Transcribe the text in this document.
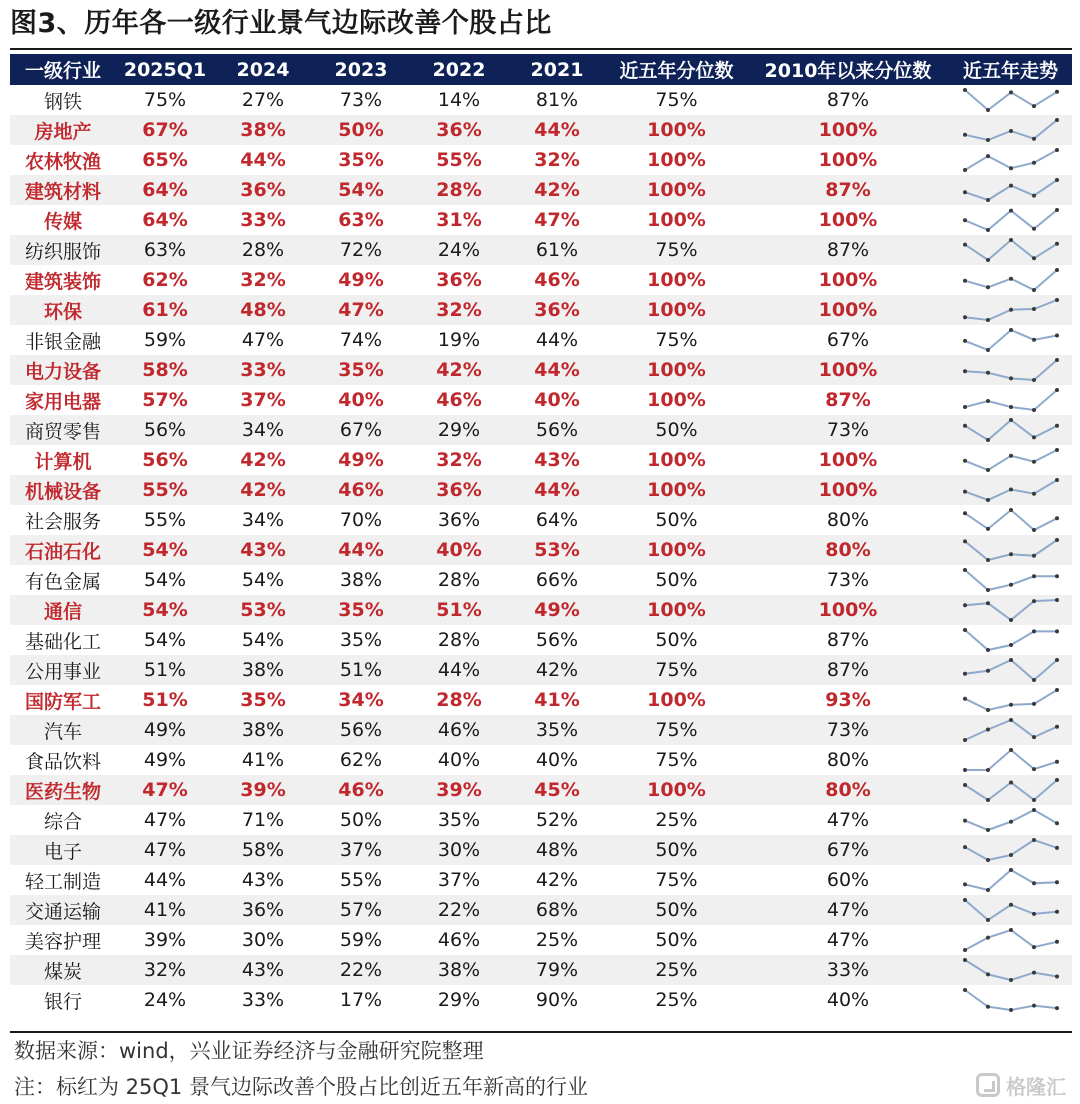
图3、历年各一级行业景气边际改善个股占比
一级行业	2025Q1	2024	2023	2022	2021	近五年分位数	2010年以来分位数	近五年走势
钢铁	75%	27%	73%	14%	81%	75%	87%	

房地产	67%	38%	50%	36%	44%	100%	100%	

农林牧渔	65%	44%	35%	55%	32%	100%	100%	

建筑材料	64%	36%	54%	28%	42%	100%	87%	

传媒	64%	33%	63%	31%	47%	100%	100%	

纺织服饰	63%	28%	72%	24%	61%	75%	87%	

建筑装饰	62%	32%	49%	36%	46%	100%	100%	

环保	61%	48%	47%	32%	36%	100%	100%	

非银金融	59%	47%	74%	19%	44%	75%	67%	

电力设备	58%	33%	35%	42%	44%	100%	100%	

家用电器	57%	37%	40%	46%	40%	100%	87%	

商贸零售	56%	34%	67%	29%	56%	50%	73%	

计算机	56%	42%	49%	32%	43%	100%	100%	

机械设备	55%	42%	46%	36%	44%	100%	100%	

社会服务	55%	34%	70%	36%	64%	50%	80%	

石油石化	54%	43%	44%	40%	53%	100%	80%	

有色金属	54%	54%	38%	28%	66%	50%	73%	

通信	54%	53%	35%	51%	49%	100%	100%	

基础化工	54%	54%	35%	28%	56%	50%	87%	

公用事业	51%	38%	51%	44%	42%	75%	87%	

国防军工	51%	35%	34%	28%	41%	100%	93%	

汽车	49%	38%	56%	46%	35%	75%	73%	

食品饮料	49%	41%	62%	40%	40%	75%	80%	

医药生物	47%	39%	46%	39%	45%	100%	80%	

综合	47%	71%	50%	35%	52%	25%	47%	

电子	47%	58%	37%	30%	48%	50%	67%	

轻工制造	44%	43%	55%	37%	42%	75%	60%	

交通运输	41%	36%	57%	22%	68%	50%	47%	

美容护理	39%	30%	59%	46%	25%	50%	47%	

煤炭	32%	43%	22%	38%	79%	25%	33%	

银行	24%	33%	17%	29%	90%	25%	40%	
数据来源：wind，兴业证券经济与金融研究院整理
注：标红为 25Q1 景气边际改善个股占比创近五年新高的行业	格隆汇
